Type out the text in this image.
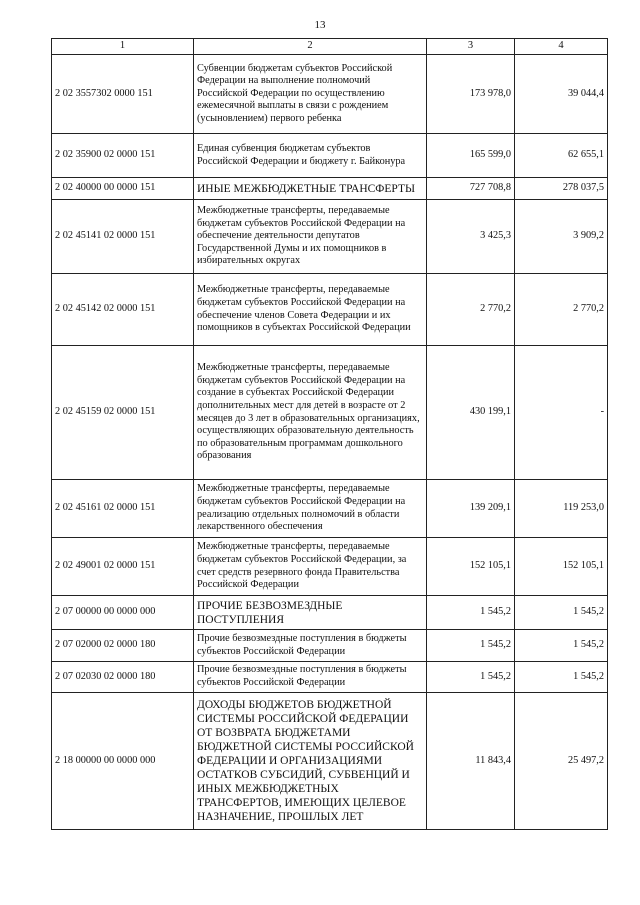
13
1	2	3	4
2 02 3557302 0000 151	Субвенции бюджетам субъектов Российской Федерации на выполнение полномочий Российской Федерации по осуществлению ежемесячной выплаты в связи с рождением (усыновлением) первого ребенка	173 978,0	39 044,4
2 02 35900 02 0000 151	Единая субвенция бюджетам субъектов Российской Федерации и бюджету г. Байконура	165 599,0	62 655,1
2 02 40000 00 0000 151	ИНЫЕ МЕЖБЮДЖЕТНЫЕ ТРАНСФЕРТЫ	727 708,8	278 037,5
2 02 45141 02 0000 151	Межбюджетные трансферты, передаваемые бюджетам субъектов Российской Федерации на обеспечение деятельности депутатов Государственной Думы и их помощников в избирательных округах	3 425,3	3 909,2
2 02 45142 02 0000 151	Межбюджетные трансферты, передаваемые бюджетам субъектов Российской Федерации на обеспечение членов Совета Федерации и их помощников в субъектах Российской Федерации	2 770,2	2 770,2
2 02 45159 02 0000 151	Межбюджетные трансферты, передаваемые бюджетам субъектов Российской Федерации на создание в субъектах Российской Федерации дополнительных мест для детей в возрасте от 2 месяцев до 3 лет в образовательных организациях, осуществляющих образовательную деятельность по образовательным программам дошкольного образования	430 199,1	-
2 02 45161 02 0000 151	Межбюджетные трансферты, передаваемые бюджетам субъектов Российской Федерации на реализацию отдельных полномочий в области лекарственного обеспечения	139 209,1	119 253,0
2 02 49001 02 0000 151	Межбюджетные трансферты, передаваемые бюджетам субъектов Российской Федерации, за счет средств резервного фонда Правительства Российской Федерации	152 105,1	152 105,1
2 07 00000 00 0000 000	ПРОЧИЕ БЕЗВОЗМЕЗДНЫЕ ПОСТУПЛЕНИЯ	1 545,2	1 545,2
2 07 02000 02 0000 180	Прочие безвозмездные поступления в бюджеты субъектов Российской Федерации	1 545,2	1 545,2
2 07 02030 02 0000 180	Прочие безвозмездные поступления в бюджеты субъектов Российской Федерации	1 545,2	1 545,2
2 18 00000 00 0000 000	ДОХОДЫ БЮДЖЕТОВ БЮДЖЕТНОЙ СИСТЕМЫ РОССИЙСКОЙ ФЕДЕРАЦИИ ОТ ВОЗВРАТА БЮДЖЕТАМИ БЮДЖЕТНОЙ СИСТЕМЫ РОССИЙСКОЙ ФЕДЕРАЦИИ И ОРГАНИЗАЦИЯМИ ОСТАТКОВ СУБСИДИЙ, СУБВЕНЦИЙ И ИНЫХ МЕЖБЮДЖЕТНЫХ ТРАНСФЕРТОВ, ИМЕЮЩИХ ЦЕЛЕВОЕ НАЗНАЧЕНИЕ, ПРОШЛЫХ ЛЕТ	11 843,4	25 497,2
